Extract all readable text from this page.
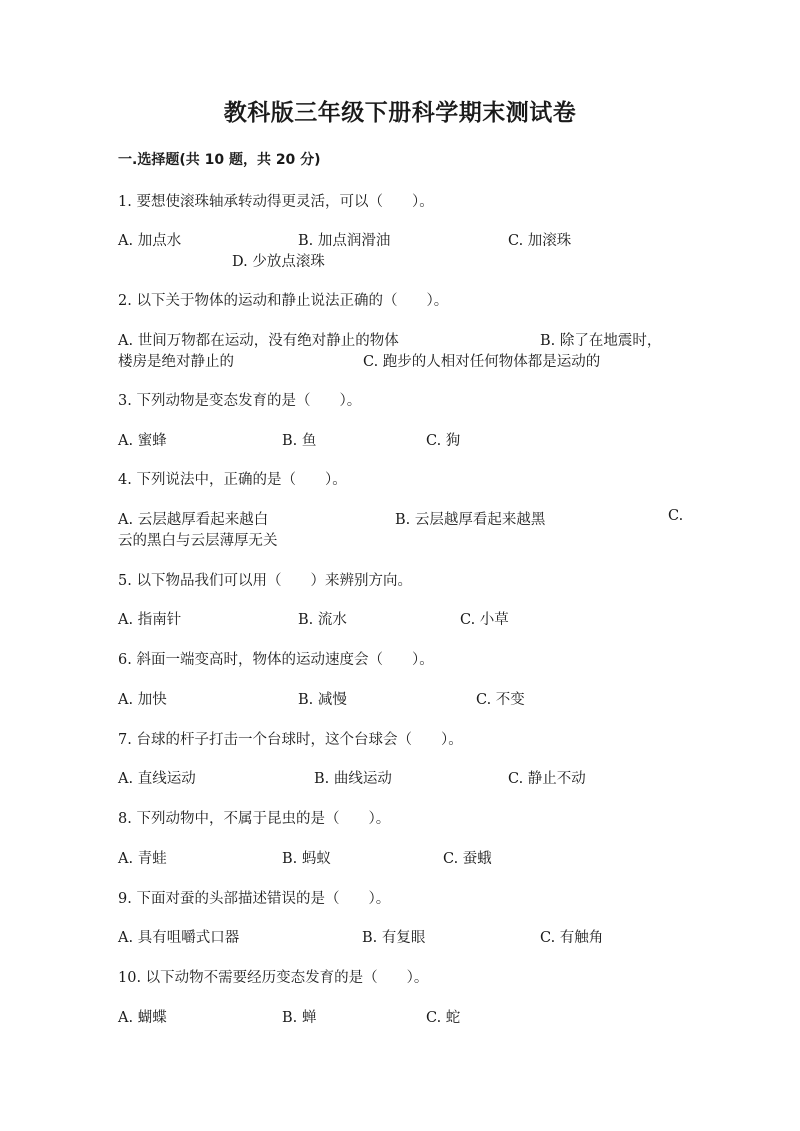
教科版三年级下册科学期末测试卷
一.选择题(共 10 题，共 20 分)
1. 要想使滚珠轴承转动得更灵活，可以（　　）。
A. 加点水	B. 加点润滑油	C. 加滚珠
D. 少放点滚珠
2. 以下关于物体的运动和静止说法正确的（　　）。
A. 世间万物都在运动，没有绝对静止的物体	B. 除了在地震时，
楼房是绝对静止的	C. 跑步的人相对任何物体都是运动的
3. 下列动物是变态发育的是（　　）。
A. 蜜蜂	B. 鱼	C. 狗
4. 下列说法中，正确的是（　　）。
A. 云层越厚看起来越白	B. 云层越厚看起来越黑	C.
云的黑白与云层薄厚无关
5. 以下物品我们可以用（　　）来辨别方向。
A. 指南针	B. 流水	C. 小草
6. 斜面一端变高时，物体的运动速度会（　　）。
A. 加快	B. 减慢	C. 不变
7. 台球的杆子打击一个台球时，这个台球会（　　）。
A. 直线运动	B. 曲线运动	C. 静止不动
8. 下列动物中，不属于昆虫的是（　　）。
A. 青蛙	B. 蚂蚁	C. 蚕蛾
9. 下面对蚕的头部描述错误的是（　　）。
A. 具有咀嚼式口器	B. 有复眼	C. 有触角
10. 以下动物不需要经历变态发育的是（　　）。
A. 蝴蝶	B. 蝉	C. 蛇
